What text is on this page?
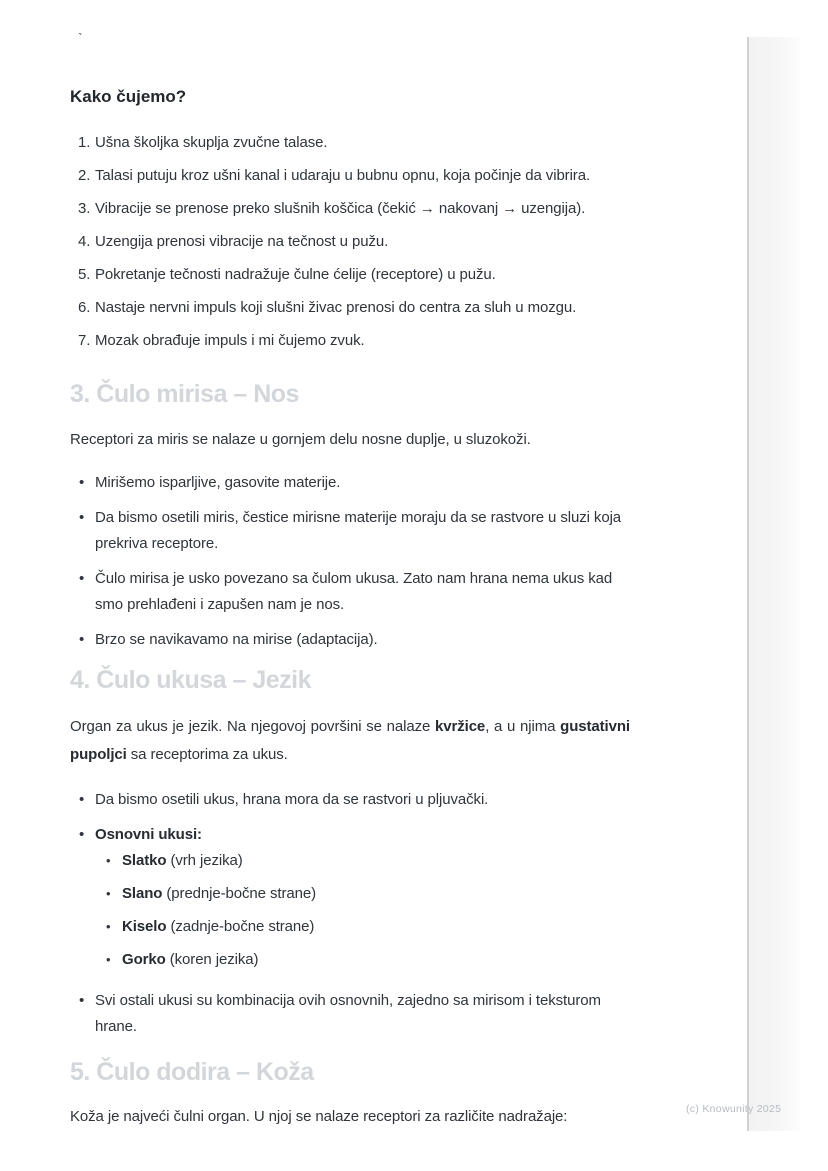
`
(c) Knowunity 2025
Kako čujemo?
1. Ušna školjka skuplja zvučne talase.
2. Talasi putuju kroz ušni kanal i udaraju u bubnu opnu, koja počinje da vibrira.
3. Vibracije se prenose preko slušnih koščica (čekić → nakovanj → uzengija).
4. Uzengija prenosi vibracije na tečnost u pužu.
5. Pokretanje tečnosti nadražuje čulne ćelije (receptore) u pužu.
6. Nastaje nervni impuls koji slušni živac prenosi do centra za sluh u mozgu.
7. Mozak obrađuje impuls i mi čujemo zvuk.
3. Čulo mirisa – Nos

Receptori za miris se nalaze u gornjem delu nosne duplje, u sluzokoži.

• Mirišemo isparljive, gasovite materije.
• Da bismo osetili miris, čestice mirisne materije moraju da se rastvore u sluzi koja prekriva receptore.
• Čulo mirisa je usko povezano sa čulom ukusa. Zato nam hrana nema ukus kad smo prehlađeni i zapušen nam je nos.
• Brzo se navikavamo na mirise (adaptacija).
4. Čulo ukusa – Jezik

Organ za ukus je jezik. Na njegovoj površini se nalaze kvržice, a u njima gustativni pupoljci sa receptorima za ukus.

• Da bismo osetili ukus, hrana mora da se rastvori u pljuvački.
• Osnovni ukusi:
• Slatko (vrh jezika)
• Slano (prednje-bočne strane)
• Kiselo (zadnje-bočne strane)
• Gorko (koren jezika)
• Svi ostali ukusi su kombinacija ovih osnovnih, zajedno sa mirisom i teksturom hrane.
5. Čulo dodira – Koža

Koža je najveći čulni organ. U njoj se nalaze receptori za različite nadražaje:
